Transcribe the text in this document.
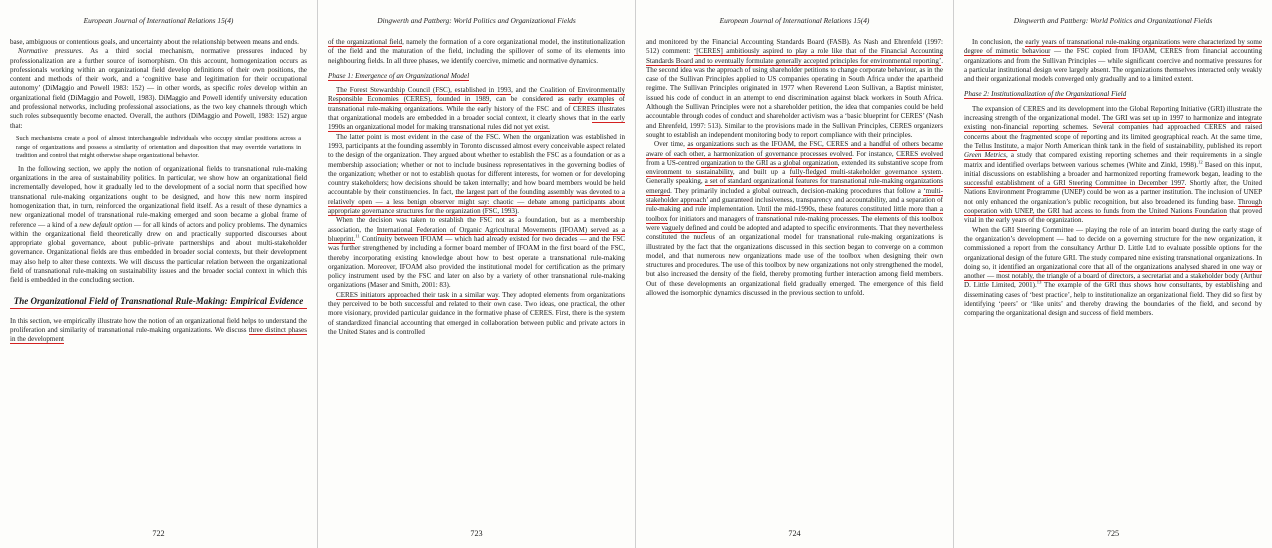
European Journal of International Relations 15(4)

base, ambiguous or contentious goals, and uncertainty about the relationship between means and ends.

Normative pressures. As a third social mechanism, normative pressures induced by professionalization are a further source of isomorphism. On this account, homogenization occurs as professionals working within an organizational field develop definitions of their own positions, the content and methods of their work, and a ‘cognitive base and legitimation for their occupational autonomy’ (DiMaggio and Powell 1983: 152) — in other words, as specific roles develop within an organizational field (DiMaggio and Powell, 1983). DiMaggio and Powell identify university education and professional networks, including professional associations, as the two key channels through which such roles subsequently become enacted. Overall, the authors (DiMaggio and Powell, 1983: 152) argue that:

Such mechanisms create a pool of almost interchangeable individuals who occupy similar positions across a range of organizations and possess a similarity of orientation and disposition that may override variations in tradition and control that might otherwise shape organizational behavior.

In the following section, we apply the notion of organizational fields to transnational rule-making organizations in the area of sustainability politics. In particular, we show how an organizational field incrementally developed, how it gradually led to the development of a social norm that specified how transnational rule-making organizations ought to be designed, and how this new norm inspired homogenization that, in turn, reinforced the organizational field itself. As a result of these dynamics a new organizational model of transnational rule-making emerged and soon became a global frame of reference — a kind of a new default option — for all kinds of actors and policy problems. The dynamics within the organizational field theoretically drew on and practically supported discourses about appropriate global governance, about public–private partnerships and about multi-stakeholder governance. Organizational fields are thus embedded in broader social contexts, but their development may also help to alter these contexts. We will discuss the particular relation between the organizational field of transnational rule-making on sustainability issues and the broader social context in which this field is embedded in the concluding section.

The Organizational Field of Transnational Rule-Making: Empirical Evidence

In this section, we empirically illustrate how the notion of an organizational field helps to understand the proliferation and similarity of transnational rule-making organizations. We discuss three distinct phases in the development

722
Dingwerth and Pattberg: World Politics and Organizational Fields

of the organizational field, namely the formation of a core organizational model, the institutionalization of the field and the maturation of the field, including the spillover of some of its elements into neighbouring fields. In all three phases, we identify coercive, mimetic and normative dynamics.

Phase 1: Emergence of an Organizational Model

The Forest Stewardship Council (FSC), established in 1993, and the Coalition of Environmentally Responsible Economies (CERES), founded in 1989, can be considered as early examples of transnational rule-making organizations. While the early history of the FSC and of CERES illustrates that organizational models are embedded in a broader social context, it clearly shows that in the early 1990s an organizational model for making transnational rules did not yet exist.

The latter point is most evident in the case of the FSC. When the organization was established in 1993, participants at the founding assembly in Toronto discussed almost every conceivable aspect related to the design of the organization. They argued about whether to establish the FSC as a foundation or as a membership association; whether or not to include business representatives in the governing bodies of the organization; whether or not to establish quotas for different interests, for women or for developing country stakeholders; how decisions should be taken internally; and how board members would be held accountable by their constituencies. In fact, the largest part of the founding assembly was devoted to a relatively open — a less benign observer might say: chaotic — debate among participants about appropriate governance structures for the organization (FSC, 1993).

When the decision was taken to establish the FSC not as a foundation, but as a membership association, the International Federation of Organic Agricultural Movements (IFOAM) served as a blueprint.$^{11}$ Continuity between IFOAM — which had already existed for two decades — and the FSC was further strengthened by including a former board member of IFOAM in the first board of the FSC, thereby incorporating existing knowledge about how to best operate a transnational rule-making organization. Moreover, IFOAM also provided the institutional model for certification as the primary policy instrument used by the FSC and later on also by a variety of other transnational rule-making organizations (Maser and Smith, 2001: 83).

CERES initiators approached their task in a similar way. They adopted elements from organizations they perceived to be both successful and related to their own case. Two ideas, one practical, the other more visionary, provided particular guidance in the formative phase of CERES. First, there is the system of standardized financial accounting that emerged in collaboration between public and private actors in the United States and is controlled

723
European Journal of International Relations 15(4)

and monitored by the Financial Accounting Standards Board (FASB). As Nash and Ehrenfeld (1997: 512) comment: ‘[CERES] ambitiously aspired to play a role like that of the Financial Accounting Standards Board and to eventually formulate generally accepted principles for environmental reporting’. The second idea was the approach of using shareholder petitions to change corporate behaviour, as in the case of the Sullivan Principles applied to US companies operating in South Africa under the apartheid regime. The Sullivan Principles originated in 1977 when Reverend Leon Sullivan, a Baptist minister, issued his code of conduct in an attempt to end discrimination against black workers in South Africa. Although the Sullivan Principles were not a shareholder petition, the idea that companies could be held accountable through codes of conduct and shareholder activism was a ‘basic blueprint for CERES’ (Nash and Ehrenfeld, 1997: 513). Similar to the provisions made in the Sullivan Principles, CERES organizers sought to establish an independent monitoring body to report compliance with their principles.

Over time, as organizations such as the IFOAM, the FSC, CERES and a handful of others became aware of each other, a harmonization of governance processes evolved. For instance, CERES evolved from a US-centred organization to the GRI as a global organization, extended its substantive scope from environment to sustainability, and built up a fully-fledged multi-stakeholder governance system. Generally speaking, a set of standard organizational features for transnational rule-making organizations emerged. They primarily included a global outreach, decision-making procedures that follow a ‘multi-stakeholder approach’ and guaranteed inclusiveness, transparency and accountability, and a separation of rule-making and rule implementation. Until the mid-1990s, these features constituted little more than a toolbox for initiators and managers of transnational rule-making processes. The elements of this toolbox were vaguely defined and could be adopted and adapted to specific environments. That they nevertheless constituted the nucleus of an organizational model for transnational rule-making organizations is illustrated by the fact that the organizations discussed in this section began to converge on a common model, and that numerous new organizations made use of the toolbox when designing their own structures and procedures. The use of this toolbox by new organizations not only strengthened the model, but also increased the density of the field, thereby promoting further interaction among field members. Out of these developments an organizational field gradually emerged. The emergence of this field allowed the isomorphic dynamics discussed in the previous section to unfold.

724
Dingwerth and Pattberg: World Politics and Organizational Fields

In conclusion, the early years of transnational rule-making organizations were characterized by some degree of mimetic behaviour — the FSC copied from IFOAM, CERES from financial accounting organizations and from the Sullivan Principles — while significant coercive and normative pressures for a particular institutional design were largely absent. The organizations themselves interacted only weakly and their organizational models converged only gradually and to a limited extent.

Phase 2: Institutionalization of the Organizational Field

The expansion of CERES and its development into the Global Reporting Initiative (GRI) illustrate the increasing strength of the organizational model. The GRI was set up in 1997 to harmonize and integrate existing non-financial reporting schemes. Several companies had approached CERES and raised concerns about the fragmented scope of reporting and its limited geographical reach. At the same time, the Tellus Institute, a major North American think tank in the field of sustainability, published its report Green Metrics, a study that compared existing reporting schemes and their requirements in a single matrix and identified overlaps between various schemes (White and Zinkl, 1998).$^{12}$ Based on this input, initial discussions on establishing a broader and harmonized reporting framework began, leading to the successful establishment of a GRI Steering Committee in December 1997. Shortly after, the United Nations Environment Programme (UNEP) could be won as a partner institution. The inclusion of UNEP not only enhanced the organization’s public recognition, but also broadened its funding base. Through cooperation with UNEP, the GRI had access to funds from the United Nations Foundation that proved vital in the early years of the organization.

When the GRI Steering Committee — playing the role of an interim board during the early stage of the organization’s development — had to decide on a governing structure for the new organization, it commissioned a report from the consultancy Arthur D. Little Ltd to evaluate possible options for the organizational design of the future GRI. The study compared nine existing transnational organizations. In doing so, it identified an organizational core that all of the organizations analysed shared in one way or another — most notably, the triangle of a board of directors, a secretariat and a stakeholder body (Arthur D. Little Limited, 2001).$^{13}$ The example of the GRI thus shows how consultants, by establishing and disseminating cases of ‘best practice’, help to institutionalize an organizational field. They did so first by identifying ‘peers’ or ‘like units’ and thereby drawing the boundaries of the field, and second by comparing the organizational design and success of field members.

725
